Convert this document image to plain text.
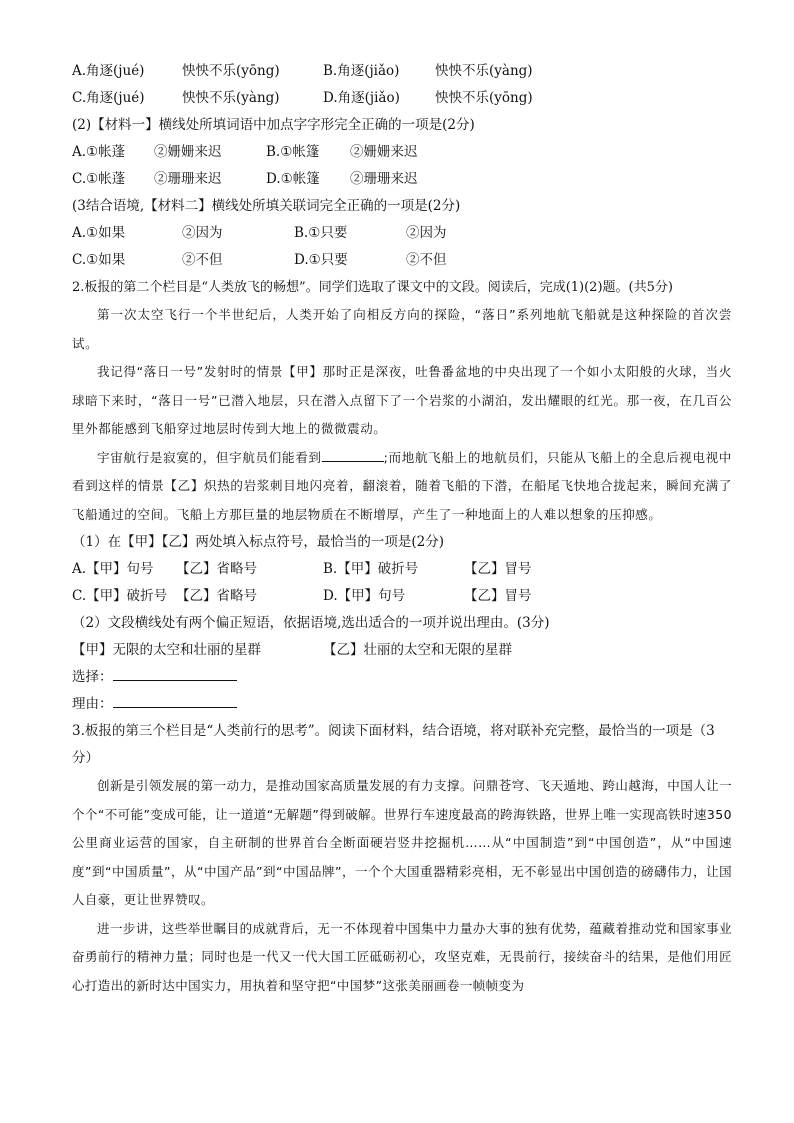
A.角逐(jué)	怏怏不乐(yōng)	B.角逐(jiǎo)	怏怏不乐(yàng)
C.角逐(jué)	怏怏不乐(yàng)	D.角逐(jiǎo)	怏怏不乐(yōng)
(2)【材料一】横线处所填词语中加点字字形完全正确的一项是(2分)
A.①帐蓬 ②姗姗来迟	B.①帐篷 ②姗姗来迟
C.①帐蓬 ②珊珊来迟	D.①帐篷 ②珊珊来迟
(3结合语境,【材料二】横线处所填关联词完全正确的一项是(2分)
A.①如果	②因为	B.①只要	②因为
C.①如果	②不但	D.①只要	②不但
2.板报的第二个栏目是“人类放飞的畅想”。同学们选取了课文中的文段。阅读后，完成(1)(2)题。(共5分)

第一次太空飞行一个半世纪后，人类开始了向相反方向的探险，“落日”系列地航飞船就是这种探险的首次尝试。

我记得“落日一号”发射时的情景【甲】那时正是深夜，吐鲁番盆地的中央出现了一个如小太阳般的火球，当火球暗下来时，“落日一号”已潜入地层，只在潜入点留下了一个岩浆的小湖泊，发出耀眼的红光。那一夜，在几百公里外都能感到飞船穿过地层时传到大地上的微微震动。

宇宙航行是寂寞的，但宇航员们能看到	;而地航飞船上的地航员们，只能从飞船上的全息后视电视中看到这样的情景【乙】炽热的岩浆刺目地闪亮着，翻滚着，随着飞船的下潜，在船尾飞快地合拢起来，瞬间充满了飞船通过的空间。飞船上方那巨量的地层物质在不断增厚，产生了一种地面上的人难以想象的压抑感。

（1）在【甲】【乙】两处填入标点符号，最恰当的一项是(2分)
A.【甲】句号 【乙】省略号	B.【甲】破折号	【乙】冒号
C.【甲】破折号 【乙】省略号	D.【甲】句号	【乙】冒号
（2）文段横线处有两个偏正短语，依据语境,选出适合的一项并说出理由。(3分)
【甲】无限的太空和壮丽的星群	【乙】壮丽的太空和无限的星群
选择：
理由：
3.板报的第三个栏目是“人类前行的思考”。阅读下面材料，结合语境，将对联补充完整，最恰当的一项是（3分）

创新是引领发展的第一动力，是推动国家高质量发展的有力支撑。问鼎苍穹、飞天遁地、跨山越海，中国人让一个个“不可能”变成可能，让一道道“无解题”得到破解。世界行车速度最高的跨海铁路，世界上唯一实现高铁时速350公里商业运营的国家，自主研制的世界首台全断面硬岩竖井挖掘机……从“中国制造”到“中国创造”，从“中国速度”到“中国质量”，从“中国产品”到“中国品牌”，一个个大国重器精彩亮相，无不彰显出中国创造的磅礴伟力，让国人自豪，更让世界赞叹。

进一步讲，这些举世瞩目的成就背后，无一不体现着中国集中力量办大事的独有优势，蕴藏着推动党和国家事业奋勇前行的精神力量；同时也是一代又一代大国工匠砥砺初心，攻坚克难，无畏前行，接续奋斗的结果，是他们用匠心打造出的新时达中国实力，用执着和坚守把“中国梦”这张美丽画卷一帧帧变为
